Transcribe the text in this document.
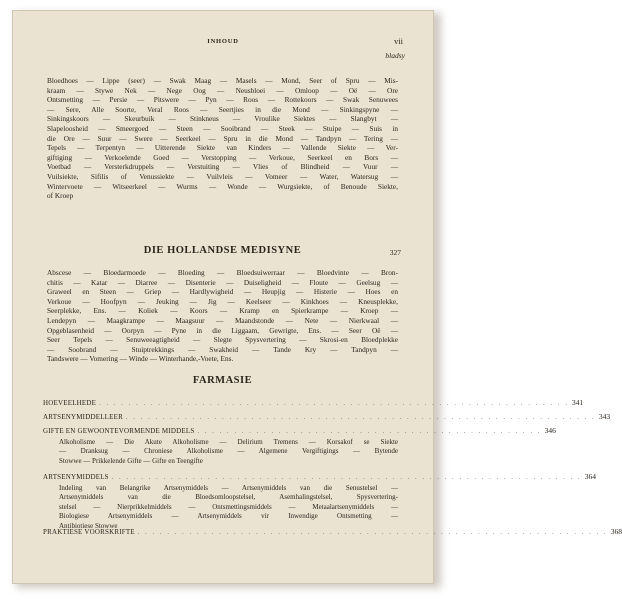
INHOUD	vii
bladsy
Bloedhoes — Lippe (seer) — Swak Maag — Masels — Mond, Seer of Spru — Mis-
kraam — Stywe Nek — Nege Oog — Neusbloei — Omloop — Oë — Ore
Ontsmetting — Persie — Pitswere — Pyn — Roos — Rottekoors — Swak Senuwees
— Sere, Alle Soorte, Veral Roos — Seertjies in die Mond — Sinkingspyne —
Sinkingskoors — Skeurbuik — Stinkneus — Vroulike Siektes — Slangbyt —
Slapeloosheid — Smeergoed — Steen — Sooibrand — Steek — Stuipe — Suis in
die Ore — Suur — Swere — Seerkeel — Spru in die Mond — Tandpyn — Tering —
Tepels — Terpentyn — Uitterende Siekte van Kinders — Vallende Siekte — Ver-
giftiging — Verkoelende Goed — Verstopping — Verkoue, Seerkeel en Bors —
Voetbad — Versterkdruppels — Verstuiting — Vlies of Blindheid — Vuur —
Vuilsiekte, Sifilis of Venussiekte — Vuilvleis — Vomeer — Water, Watersug —
Wintervoete — Witseerkeel — Wurms — Wonde — Wurgsiekte, of Benoude Siekte,
of Kroep
DIE HOLLANDSE MEDISYNE	327
Abscese — Bloedarmoede — Bloeding — Bloedsuiwerraar — Bloedvinte — Bron-
chitis — Katar — Diarree — Disenterie — Duiseligheid — Floute — Geelsug —
Graweel en Steen — Griep — Hardlywigheid — Heupjig — Histerie — Hoes en
Verkoue — Hoofpyn — Jeuking — Jig — Keelseer — Kinkhoes — Kneusplekke,
Seerplekke, Ens. — Koliek — Koors — Kramp en Spierkrampe — Kroep —
Lendepyn — Maagkrampe — Maagsuur — Maandstonde — Nete — Nierkwaal —
Opgeblasenheid — Oorpyn — Pyne in die Liggaam, Gewrigte, Ens. — Seer Oë —
Seer Tepels — Senuweeagtigheid — Slegte Spysvertering — Skrosi-en Bloedplekke
— Soobrand — Stuiptrekkings — Swakheid — Tande Kry — Tandpyn —
Tandswere — Vomering — Winde — Winterhande,-Voete, Ens.
FARMASIE
HOEVEELHEDE . . . . . . . . . . . . . . . . . . . . . . . . . . . . . . . . . . . . . . . . . . . . . . . . . . . . . . . . . . . . . . . . 341
ARTSENYMIDDELLEER . . . . . . . . . . . . . . . . . . . . . . . . . . . . . . . . . . . . . . . . . . . . . . . . . . . . . . . . . . . . . . . . 343
GIFTE EN GEWOONTEVORMENDE MIDDELS . . . . . . . . . . . . . . . . . . . . . . . . . . . . . . . . . . . . . . . . . . . . . . . 346
Alkoholisme — Die Akute Alkoholisme — Delirium Tremens — Korsakof se Siekte
— Dranksug — Chroniese Alkoholisme — Algemene Vergiftigings — Bytende
Stowwe — Prikkelende Gifte — Gifte en Teengifte
ARTSENYMIDDELS . . . . . . . . . . . . . . . . . . . . . . . . . . . . . . . . . . . . . . . . . . . . . . . . . . . . . . . . . . . . . . . . 364
Indeling van Belangrike Artsenymiddels — Artsenymiddels van die Senustelsel —
Artsenymiddels van die Bloedsomloopstelsel, Asemhalingstelsel, Spysvertering-
stelsel — Nierprikkelmiddels — Ontsmettingsmiddels — Metaalartsenymiddels —
Biologiese Artsenymiddels — Artsenymiddels vir Inwendige Ontsmetting —
Antibiotiese Stowwe
PRAKTIESE VOORSKRIFTE . . . . . . . . . . . . . . . . . . . . . . . . . . . . . . . . . . . . . . . . . . . . . . . . . . . . . . . . . . . . . . . . 368
